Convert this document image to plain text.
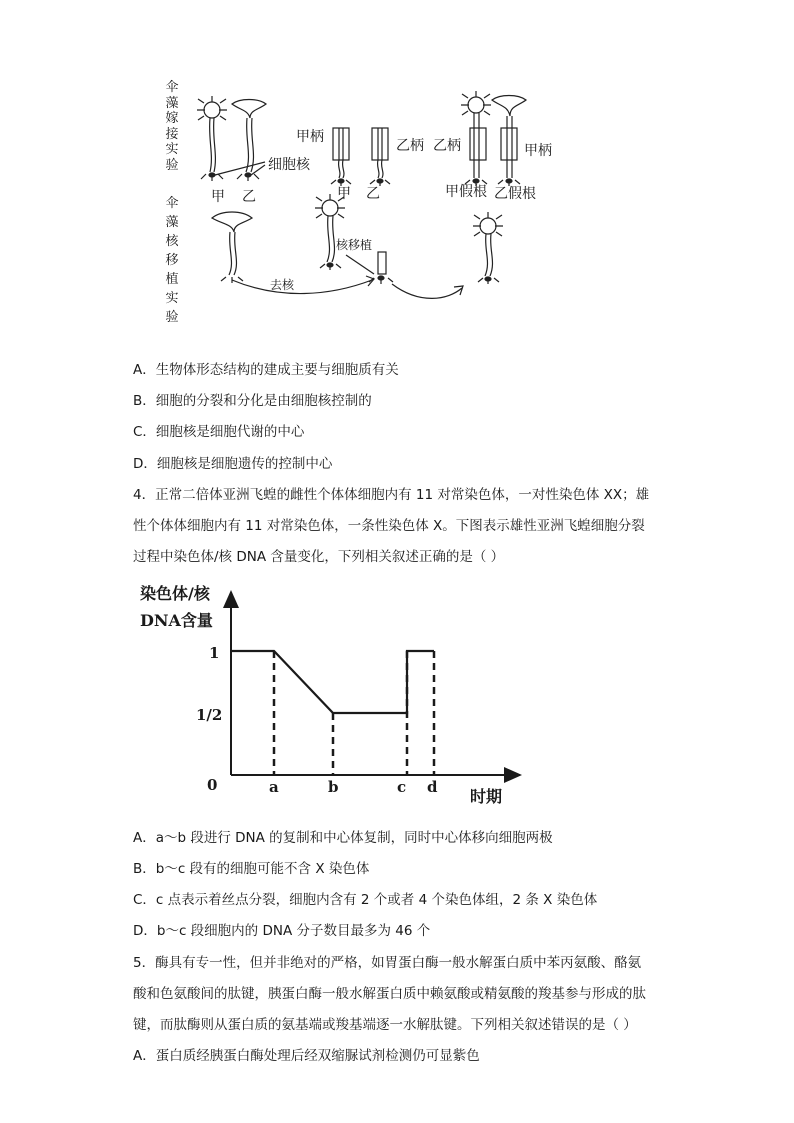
伞藻嫁接实验
伞藻核移植实验
甲 乙
细胞核
甲柄
甲 乙
乙柄 乙柄	甲柄
甲假根 乙假根
核移植
去核
A．生物体形态结构的建成主要与细胞质有关
B．细胞的分裂和分化是由细胞核控制的
C．细胞核是细胞代谢的中心
D．细胞核是细胞遗传的控制中心
4．正常二倍体亚洲飞蝗的雌性个体体细胞内有 11 对常染色体，一对性染色体 XX；雄
性个体体细胞内有 11 对常染色体，一条性染色体 X。下图表示雄性亚洲飞蝗细胞分裂
过程中染色体/核 DNA 含量变化，下列相关叙述正确的是（ ）
染色体/核
DNA含量
1
1/2
0	a	b	c d 时期
A．a～b 段进行 DNA 的复制和中心体复制，同时中心体移向细胞两极
B．b～c 段有的细胞可能不含 X 染色体
C．c 点表示着丝点分裂，细胞内含有 2 个或者 4 个染色体组，2 条 X 染色体
D．b～c 段细胞内的 DNA 分子数目最多为 46 个
5．酶具有专一性，但并非绝对的严格，如胃蛋白酶一般水解蛋白质中苯丙氨酸、酪氨
酸和色氨酸间的肽键，胰蛋白酶一般水解蛋白质中赖氨酸或精氨酸的羧基参与形成的肽
键，而肽酶则从蛋白质的氨基端或羧基端逐一水解肽键。下列相关叙述错误的是（ ）
A．蛋白质经胰蛋白酶处理后经双缩脲试剂检测仍可显紫色
